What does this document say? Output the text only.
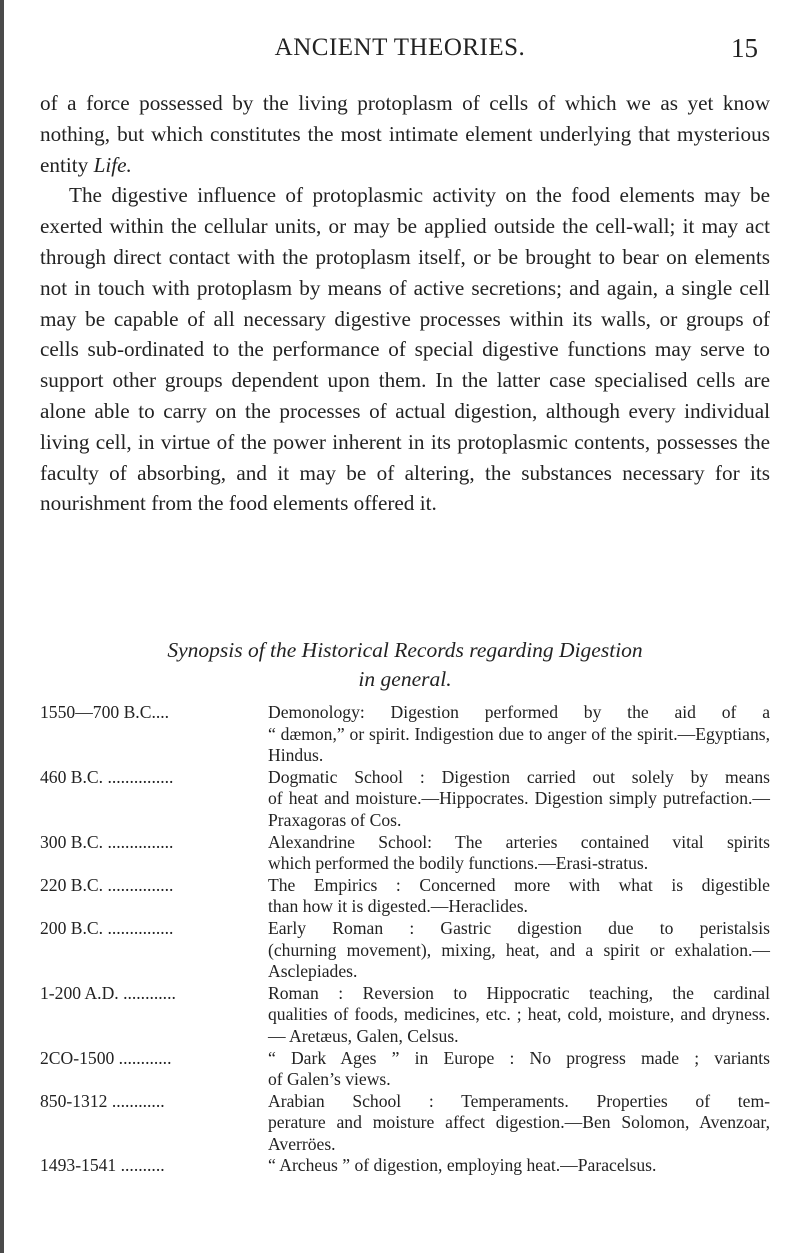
ANCIENT THEORIES.	15

of a force possessed by the living protoplasm of cells of which we as yet know nothing, but which constitutes the most intimate element underlying that mysterious entity Life.

The digestive influence of protoplasmic activity on the food elements may be exerted within the cellular units, or may be applied outside the cell-wall; it may act through direct contact with the protoplasm itself, or be brought to bear on elements not in touch with protoplasm by means of active secretions; and again, a single cell may be capable of all necessary digestive processes within its walls, or groups of cells sub-ordinated to the performance of special digestive functions may serve to support other groups dependent upon them. In the latter case specialised cells are alone able to carry on the processes of actual digestion, although every individual living cell, in virtue of the power inherent in its protoplasmic contents, possesses the faculty of absorbing, and it may be of altering, the substances necessary for its nourishment from the food elements offered it.

Synopsis of the Historical Records regarding Digestion
in general.
1550—700 B.C....	Demonology: Digestion performed by the aid of a
“ dæmon,” or spirit. Indigestion due to anger of the spirit.—Egyptians, Hindus.
460 B.C. ...............	Dogmatic School : Digestion carried out solely by means
of heat and moisture.—Hippocrates. Digestion simply putrefaction.—Praxagoras of Cos.
300 B.C. ...............	Alexandrine School: The arteries contained vital spirits
which performed the bodily functions.—Erasi-stratus.
220 B.C. ...............	The Empirics : Concerned more with what is digestible
than how it is digested.—Heraclides.
200 B.C. ...............	Early Roman : Gastric digestion due to peristalsis
(churning movement), mixing, heat, and a spirit or exhalation.—Asclepiades.
1-200 A.D. ............	Roman : Reversion to Hippocratic teaching, the cardinal
qualities of foods, medicines, etc. ; heat, cold, moisture, and dryness. — Aretæus, Galen, Celsus.
2CO-1500 ............	“ Dark Ages ” in Europe : No progress made ; variants
of Galen’s views.
850-1312 ............	Arabian School : Temperaments. Properties of tem-
perature and moisture affect digestion.—Ben Solomon, Avenzoar, Averröes.
1493-1541 ..........	“ Archeus ” of digestion, employing heat.—Paracelsus.
